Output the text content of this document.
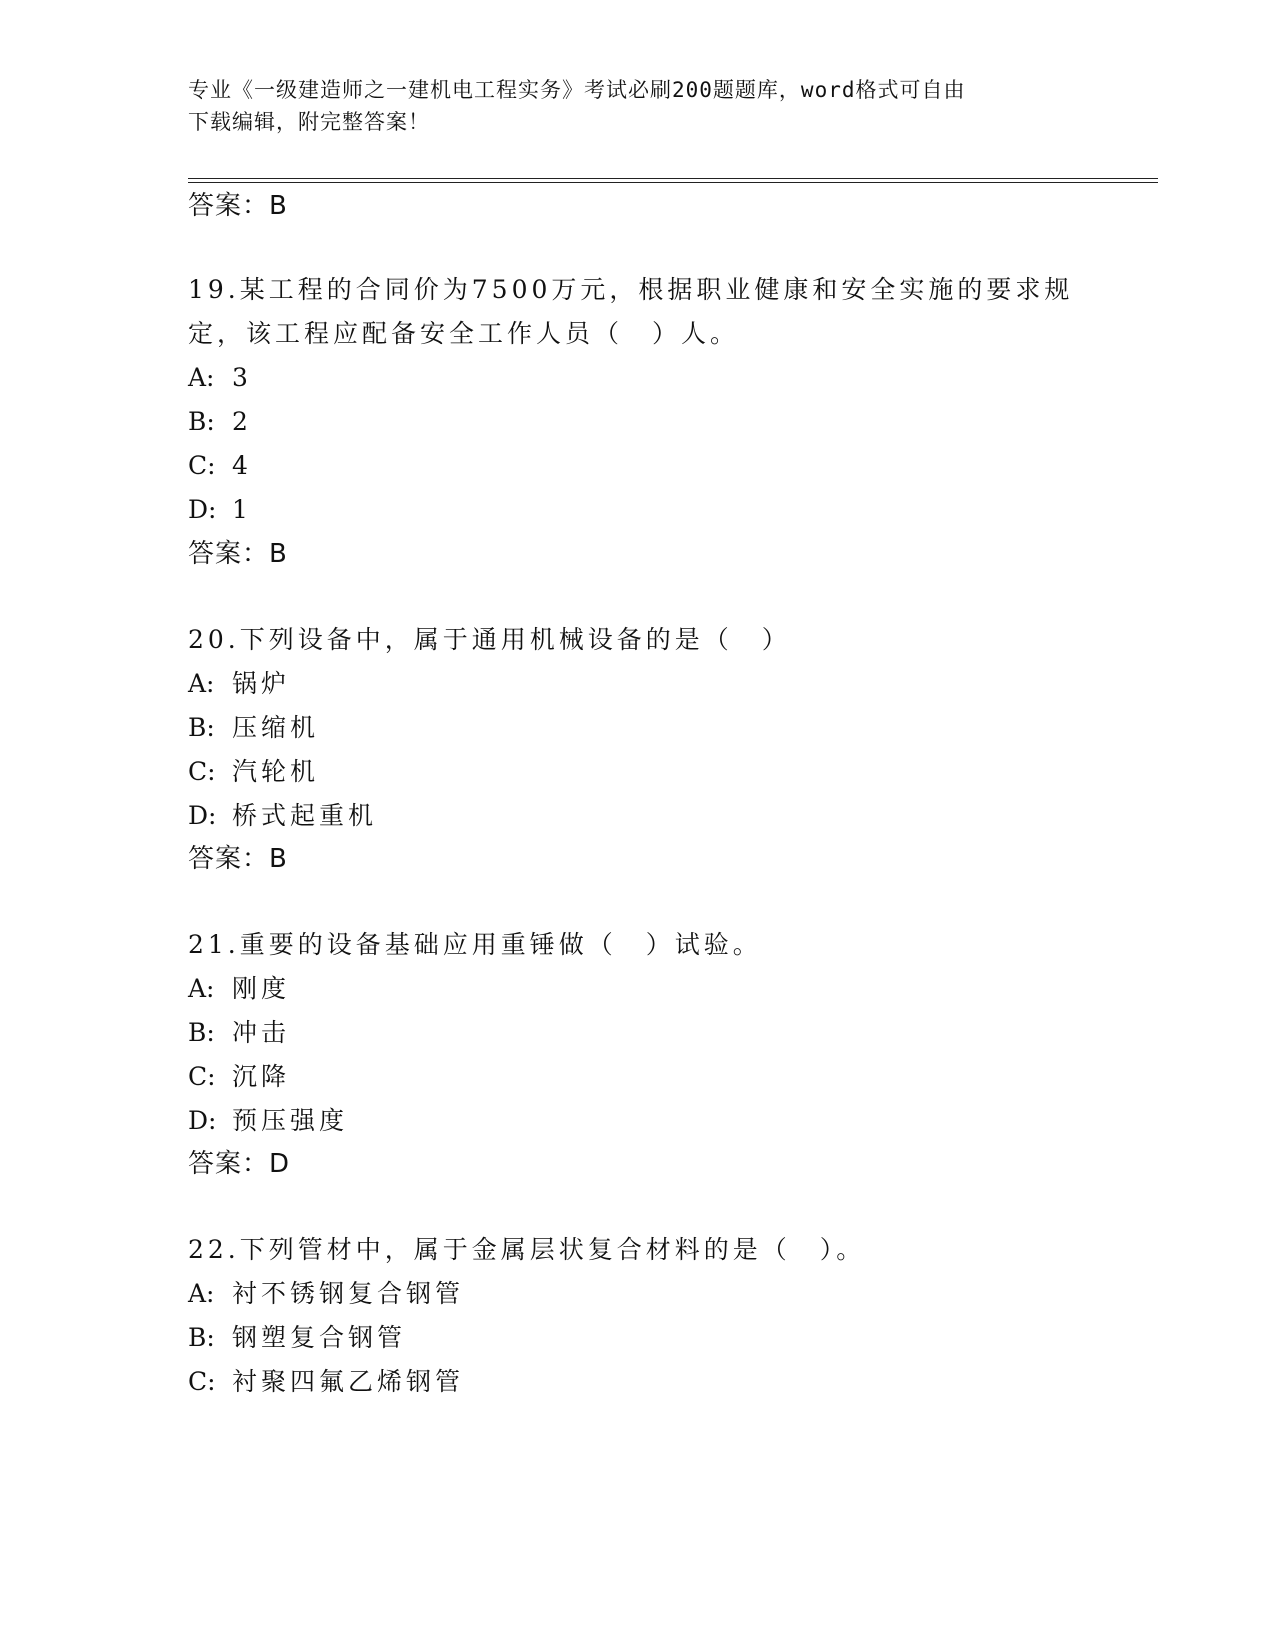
专业《一级建造师之一建机电工程实务》考试必刷200题题库，word格式可自由
下载编辑，附完整答案！
答案：B
19.某工程的合同价为7500万元，根据职业健康和安全实施的要求规
定，该工程应配备安全工作人员（　）人。
A: 3
B: 2
C: 4
D: 1
答案：B
20.下列设备中，属于通用机械设备的是（　）
A: 锅炉
B: 压缩机
C: 汽轮机
D: 桥式起重机
答案：B
21.重要的设备基础应用重锤做（　）试验。
A: 刚度
B: 冲击
C: 沉降
D: 预压强度
答案：D
22.下列管材中，属于金属层状复合材料的是（　）。
A: 衬不锈钢复合钢管
B: 钢塑复合钢管
C: 衬聚四氟乙烯钢管
